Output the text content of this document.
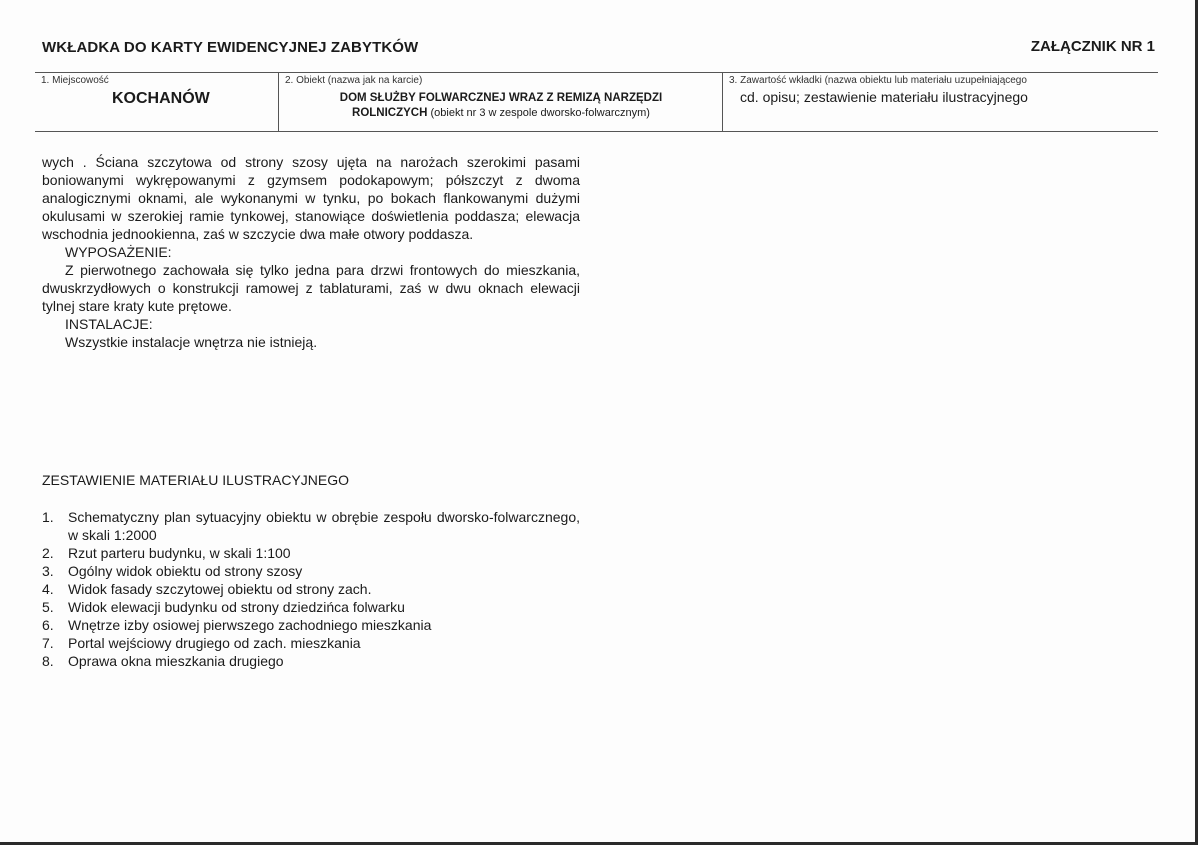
WKŁADKA DO KARTY EWIDENCYJNEJ ZABYTKÓW	ZAŁĄCZNIK NR 1
1. Miejscowość
KOCHANÓW
2. Obiekt (nazwa jak na karcie)
DOM SŁUŻBY FOLWARCZNEJ WRAZ Z REMIZĄ NARZĘDZI
ROLNICZYCH (obiekt nr 3 w zespole dworsko-folwarcznym)
3. Zawartość wkładki (nazwa obiektu lub materiału uzupełniającego
cd. opisu; zestawienie materiału ilustracyjnego

wych . Ściana szczytowa od strony szosy ujęta na narożach szerokimi pasami boniowanymi wykrępowanymi z gzymsem podokapowym; półszczyt z dwoma analogicznymi oknami, ale wykonanymi w tynku, po bokach flankowanymi dużymi okulusami w szerokiej ramie tynkowej, stanowiące doświetlenia poddasza; elewacja wschodnia jednookienna, zaś w szczycie dwa małe otwory poddasza.

WYPOSAŻENIE:

Z pierwotnego zachowała się tylko jedna para drzwi frontowych do mieszkania, dwuskrzydłowych o konstrukcji ramowej z tablaturami, zaś w dwu oknach elewacji tylnej stare kraty kute prętowe.

INSTALACJE:

Wszystkie instalacje wnętrza nie istnieją.

ZESTAWIENIE MATERIAŁU ILUSTRACYJNEGO
1. Schematyczny plan sytuacyjny obiektu w obrębie zespołu dworsko-folwarcznego, w skali 1:2000
2. Rzut parteru budynku, w skali 1:100
3. Ogólny widok obiektu od strony szosy
4. Widok fasady szczytowej obiektu od strony zach.
5. Widok elewacji budynku od strony dziedzińca folwarku
6. Wnętrze izby osiowej pierwszego zachodniego mieszkania
7. Portal wejściowy drugiego od zach. mieszkania
8. Oprawa okna mieszkania drugiego
